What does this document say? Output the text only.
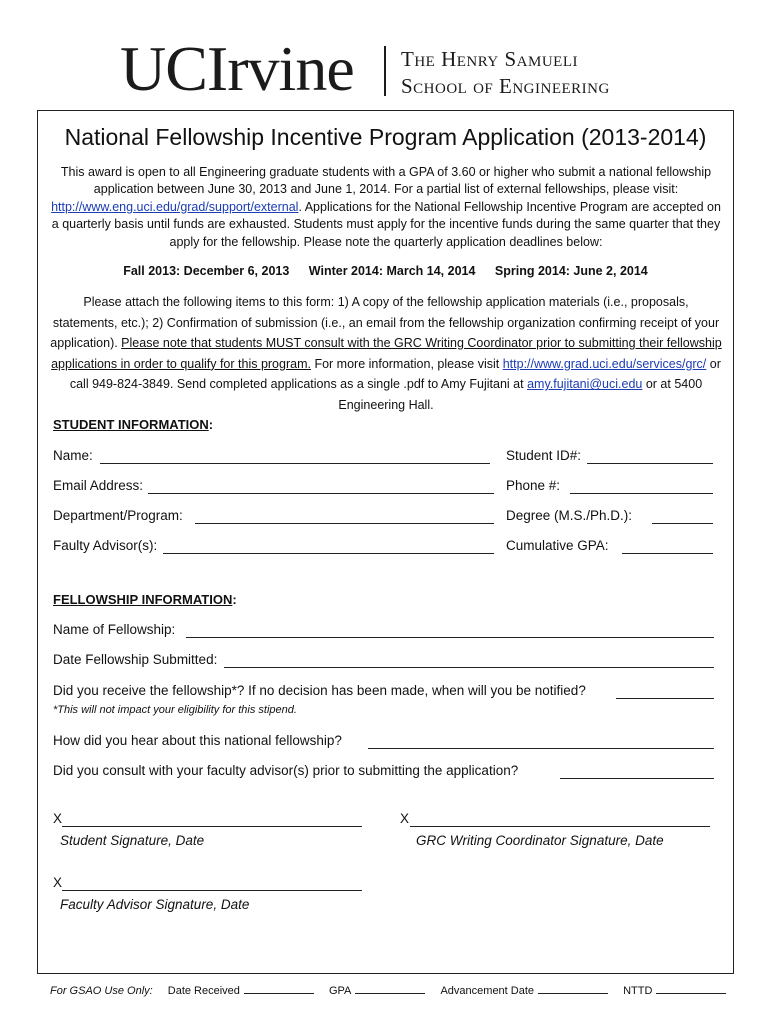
UCIrvine The Henry Samueli
School of Engineering
National Fellowship Incentive Program Application (2013-2014)
This award is open to all Engineering graduate students with a GPA of 3.60 or higher who submit a national fellowship application between June 30, 2013 and June 1, 2014. For a partial list of external fellowships, please visit: http://www.eng.uci.edu/grad/support/external. Applications for the National Fellowship Incentive Program are accepted on a quarterly basis until funds are exhausted. Students must apply for the incentive funds during the same quarter that they apply for the fellowship. Please note the quarterly application deadlines below:
Fall 2013: December 6, 2013 Winter 2014: March 14, 2014 Spring 2014: June 2, 2014
Please attach the following items to this form: 1) A copy of the fellowship application materials (i.e., proposals, statements, etc.); 2) Confirmation of submission (i.e., an email from the fellowship organization confirming receipt of your application). Please note that students MUST consult with the GRC Writing Coordinator prior to submitting their fellowship applications in order to qualify for this program. For more information, please visit http://www.grad.uci.edu/services/grc/ or call 949-824-3849. Send completed applications as a single .pdf to Amy Fujitani at amy.fujitani@uci.edu or at 5400 Engineering Hall.
STUDENT INFORMATION:
Name:	Student ID#:
Email Address:	Phone #:
Department/Program:	Degree (M.S./Ph.D.):
Faulty Advisor(s):	Cumulative GPA:
FELLOWSHIP INFORMATION:
Name of Fellowship:
Date Fellowship Submitted:
Did you receive the fellowship*? If no decision has been made, when will you be notified?
*This will not impact your eligibility for this stipend.
How did you hear about this national fellowship?
Did you consult with your faculty advisor(s) prior to submitting the application?
X
Student Signature, Date
X
GRC Writing Coordinator Signature, Date
X
Faculty Advisor Signature, Date
For GSAO Use Only: Date Received	GPA	Advancement Date	NTTD
